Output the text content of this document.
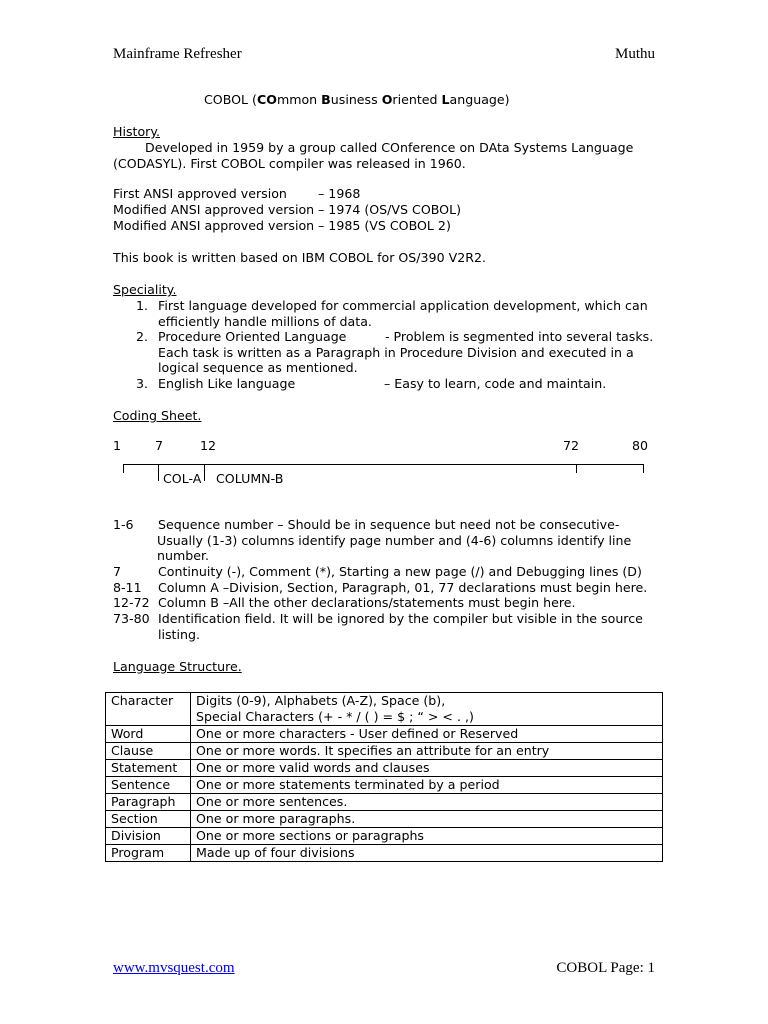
Mainframe Refresher	Muthu
COBOL (COmmon Business Oriented Language)
History.
Developed in 1959 by a group called COnference on DAta Systems Language
(CODASYL). First COBOL compiler was released in 1960.
First ANSI approved version – 1968
Modified ANSI approved version – 1974 (OS/VS COBOL)
Modified ANSI approved version – 1985 (VS COBOL 2)
This book is written based on IBM COBOL for OS/390 V2R2.
Speciality.
1. First language developed for commercial application development, which can
efficiently handle millions of data.
2. Procedure Oriented Language	- Problem is segmented into several tasks.
Each task is written as a Paragraph in Procedure Division and executed in a
logical sequence as mentioned.
3. English Like language	– Easy to learn, code and maintain.
Coding Sheet.
1	7	12	72	80
COL-A COLUMN-B
1-6 Sequence number – Should be in sequence but need not be consecutive-
Usually (1-3) columns identify page number and (4-6) columns identify line
number.
7	Continuity (-), Comment (*), Starting a new page (/) and Debugging lines (D)
8-11 Column A –Division, Section, Paragraph, 01, 77 declarations must begin here.
12-72 Column B –All the other declarations/statements must begin here.
73-80 Identification field. It will be ignored by the compiler but visible in the source
listing.
Language Structure.
Character	Digits (0-9), Alphabets (A-Z), Space (b),
Special Characters (+ - * / ( ) = $ ; “ > < . ,)

Word	One or more characters - User defined or Reserved
Clause	One or more words. It specifies an attribute for an entry
Statement	One or more valid words and clauses
Sentence	One or more statements terminated by a period
Paragraph	One or more sentences.
Section	One or more paragraphs.
Division	One or more sections or paragraphs
Program	Made up of four divisions
www.mvsquest.com	COBOL Page: 1
